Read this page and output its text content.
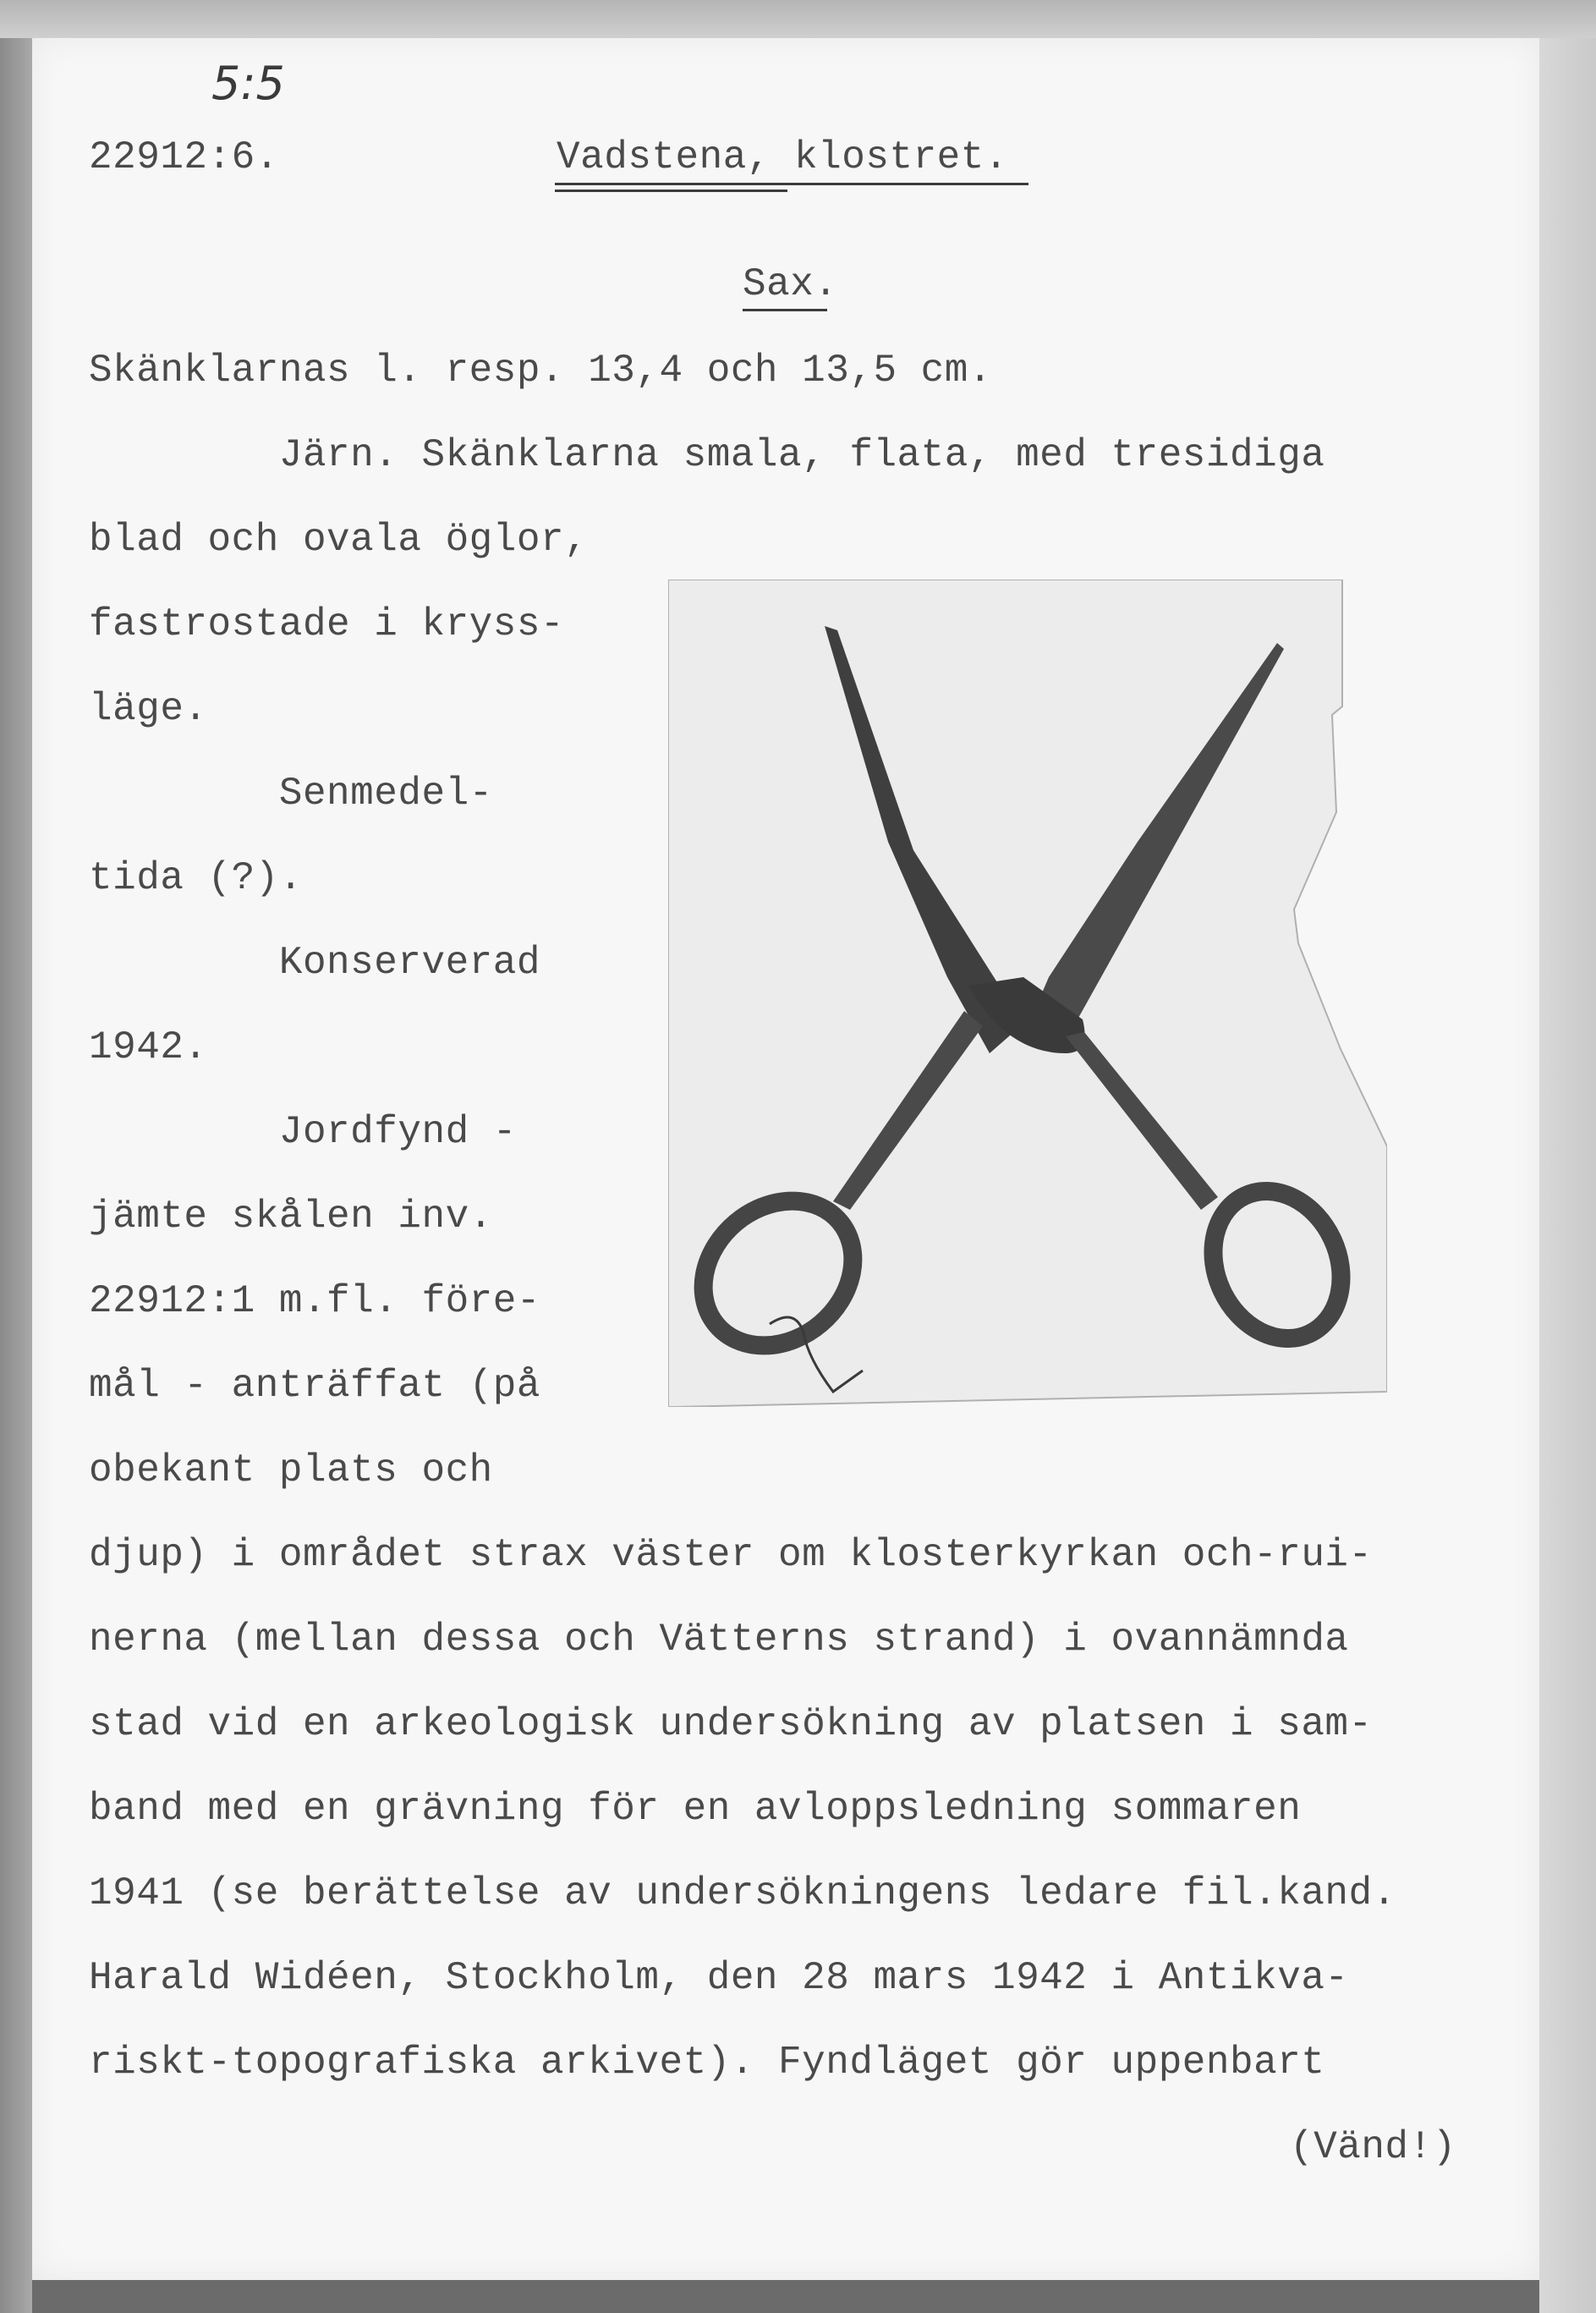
5:5
22912:6.	Vadstena, klostret.
Sax.
Skänklarnas l. resp. 13,4 och 13,5 cm.
Järn. Skänklarna smala, flata, med tresidiga
blad och ovala öglor,
fastrostade i kryss-
läge.
Senmedel-
tida (?).
Konserverad
1942.
Jordfynd -
jämte skålen inv.
22912:1 m.fl. före-
mål - anträffat (på
obekant plats och
djup) i området strax väster om klosterkyrkan och-rui-
nerna (mellan dessa och Vätterns strand) i ovannämnda
stad vid en arkeologisk undersökning av platsen i sam-
band med en grävning för en avloppsledning sommaren
1941 (se berättelse av undersökningens ledare fil.kand.
Harald Widéen, Stockholm, den 28 mars 1942 i Antikva-
riskt-topografiska arkivet). Fyndläget gör uppenbart
(Vänd!)
